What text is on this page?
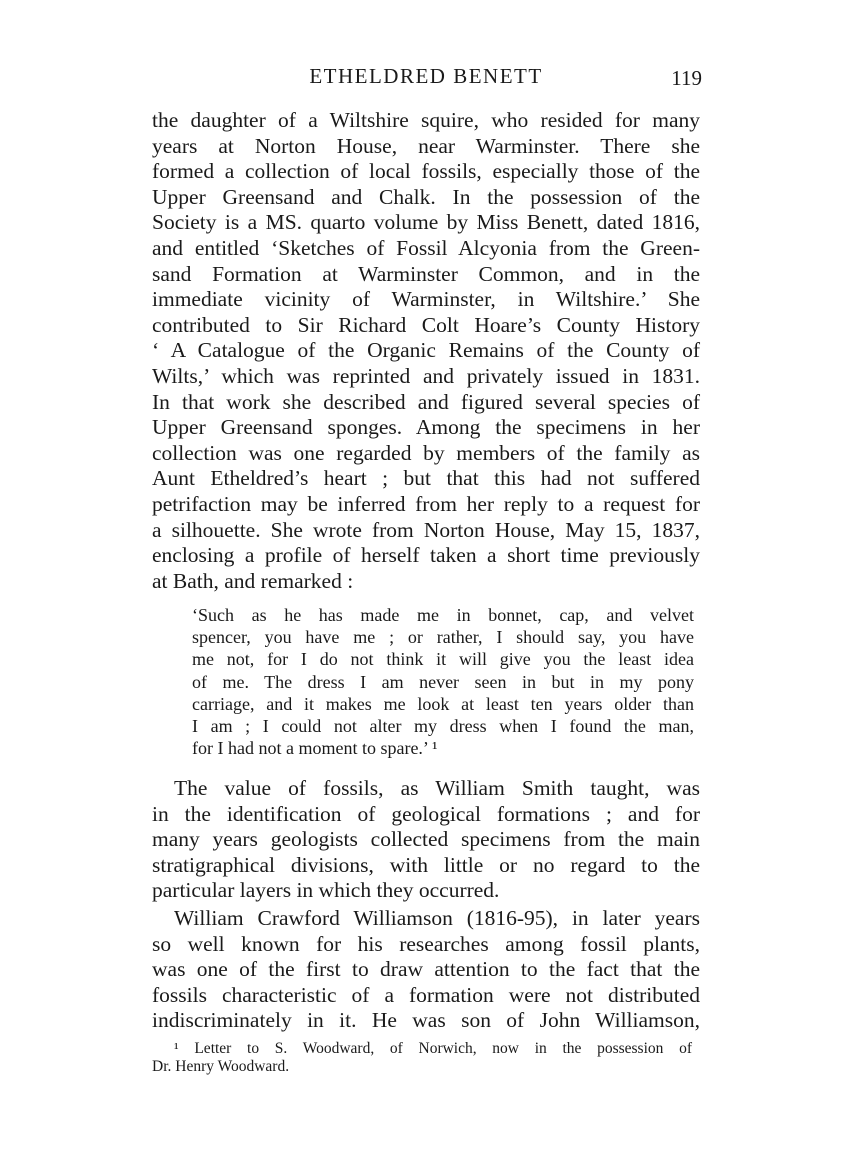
ETHELDRED BENETT	119
the daughter of a Wiltshire squire, who resided for many
years at Norton House, near Warminster. There she
formed a collection of local fossils, especially those of the
Upper Greensand and Chalk. In the possession of the
Society is a MS. quarto volume by Miss Benett, dated 1816,
and entitled ‘Sketches of Fossil Alcyonia from the Green-
sand Formation at Warminster Common, and in the
immediate vicinity of Warminster, in Wiltshire.’ She
contributed to Sir Richard Colt Hoare’s County History
‘ A Catalogue of the Organic Remains of the County of
Wilts,’ which was reprinted and privately issued in 1831.
In that work she described and figured several species of
Upper Greensand sponges. Among the specimens in her
collection was one regarded by members of the family as
Aunt Etheldred’s heart ; but that this had not suffered
petrifaction may be inferred from her reply to a request for
a silhouette. She wrote from Norton House, May 15, 1837,
enclosing a profile of herself taken a short time previously
at Bath, and remarked :
‘Such as he has made me in bonnet, cap, and velvet
spencer, you have me ; or rather, I should say, you have
me not, for I do not think it will give you the least idea
of me. The dress I am never seen in but in my pony
carriage, and it makes me look at least ten years older than
I am ; I could not alter my dress when I found the man,
for I had not a moment to spare.’ ¹
The value of fossils, as William Smith taught, was
in the identification of geological formations ; and for
many years geologists collected specimens from the main
stratigraphical divisions, with little or no regard to the
particular layers in which they occurred.
William Crawford Williamson (1816-95), in later years
so well known for his researches among fossil plants,
was one of the first to draw attention to the fact that the
fossils characteristic of a formation were not distributed
indiscriminately in it. He was son of John Williamson,
¹ Letter to S. Woodward, of Norwich, now in the possession of
Dr. Henry Woodward.
